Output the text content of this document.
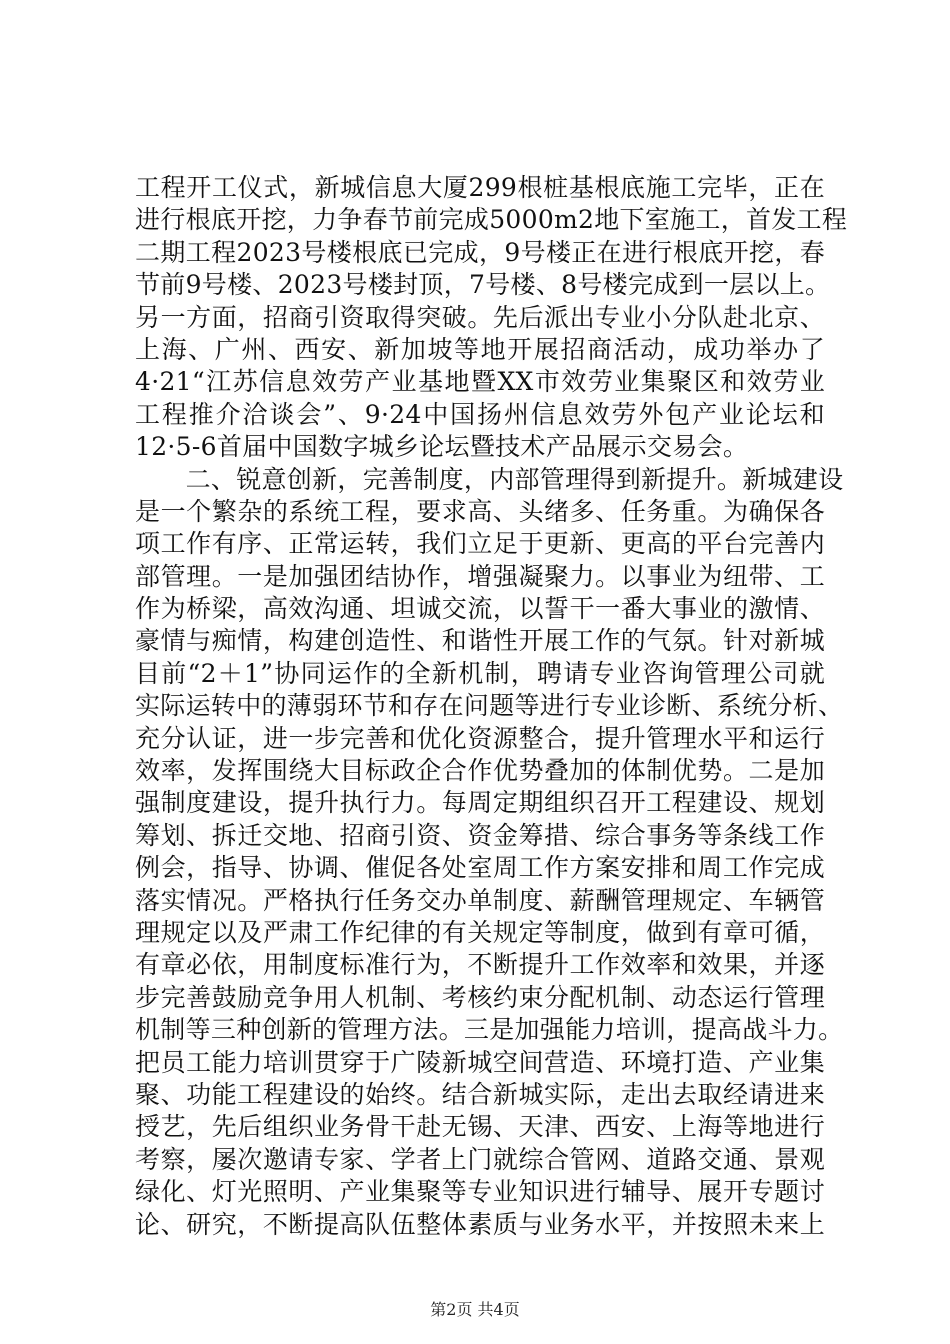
工程开工仪式，新城信息大厦299根桩基根底施工完毕，正在
进行根底开挖，力争春节前完成5000m2地下室施工，首发工程
二期工程2023号楼根底已完成，9号楼正在进行根底开挖，春
节前9号楼、2023号楼封顶，7号楼、8号楼完成到一层以上。
另一方面，招商引资取得突破。先后派出专业小分队赴北京、
上海、广州、西安、新加坡等地开展招商活动，成功举办了
4·21“江苏信息效劳产业基地暨XX市效劳业集聚区和效劳业
工程推介洽谈会”、9·24中国扬州信息效劳外包产业论坛和
12·5-6首届中国数字城乡论坛暨技术产品展示交易会。
　　二、锐意创新，完善制度，内部管理得到新提升。新城建设
是一个繁杂的系统工程，要求高、头绪多、任务重。为确保各
项工作有序、正常运转，我们立足于更新、更高的平台完善内
部管理。一是加强团结协作，增强凝聚力。以事业为纽带、工
作为桥梁，高效沟通、坦诚交流，以誓干一番大事业的激情、
豪情与痴情，构建创造性、和谐性开展工作的气氛。针对新城
目前“2＋1”协同运作的全新机制，聘请专业咨询管理公司就
实际运转中的薄弱环节和存在问题等进行专业诊断、系统分析、
充分认证，进一步完善和优化资源整合，提升管理水平和运行
效率，发挥围绕大目标政企合作优势叠加的体制优势。二是加
强制度建设，提升执行力。每周定期组织召开工程建设、规划
筹划、拆迁交地、招商引资、资金筹措、综合事务等条线工作
例会，指导、协调、催促各处室周工作方案安排和周工作完成
落实情况。严格执行任务交办单制度、薪酬管理规定、车辆管
理规定以及严肃工作纪律的有关规定等制度，做到有章可循，
有章必依，用制度标准行为，不断提升工作效率和效果，并逐
步完善鼓励竞争用人机制、考核约束分配机制、动态运行管理
机制等三种创新的管理方法。三是加强能力培训，提高战斗力。
把员工能力培训贯穿于广陵新城空间营造、环境打造、产业集
聚、功能工程建设的始终。结合新城实际，走出去取经请进来
授艺，先后组织业务骨干赴无锡、天津、西安、上海等地进行
考察，屡次邀请专家、学者上门就综合管网、道路交通、景观
绿化、灯光照明、产业集聚等专业知识进行辅导、展开专题讨
论、研究，不断提高队伍整体素质与业务水平，并按照未来上
第2页 共4页
